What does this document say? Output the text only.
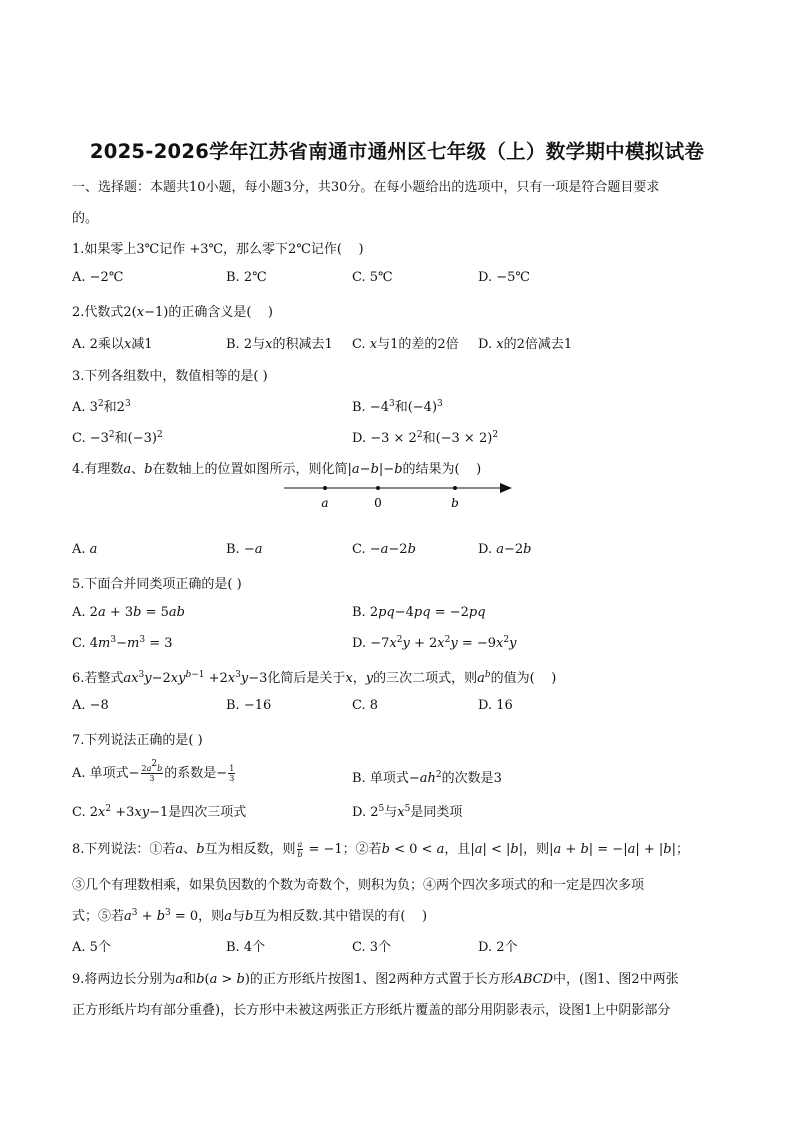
2025-2026学年江苏省南通市通州区七年级（上）数学期中模拟试卷
一、选择题：本题共10小题，每小题3分，共30分。在每小题给出的选项中，只有一项是符合题目要求
的。
1.如果零上3℃记作 +3℃，那么零下2℃记作(    )
A. −2℃	B. 2℃	C. 5℃	D. −5℃
2.代数式2(x−1)的正确含义是(    )
A. 2乘以x减1	B. 2与x的积减去1 C. x与1的差的2倍 D. x的2倍减去1
3.下列各组数中，数值相等的是( )
A. $3^2$和$2^3$	B. $-4^3$和$(-4)^3$
C. $-3^2$和$(-3)^2$	D. $-3 \times 2^2$和$(-3 \times 2)^2$
4.有理数a、b在数轴上的位置如图所示，则化简|a−b|−b的结果为(    )
a	0	b
A. a	B. −a	C. −a−2b	D. a−2b
5.下面合并同类项正确的是( )
A. 2a + 3b = 5ab	B. 2pq−4pq = −2pq
C. $4m^3-m^3 = 3$	D. $-7x^2y + 2x^2y = -9x^2y$
6.若整式$ax^3y-2xy^{b-1} +2x^3y-3$化简后是关于x，y的三次二项式，则$a^b$的值为(    )
A. −8	B. −16	C. 8	D. 16
7.下列说法正确的是( )
A. 单项式− $\frac{2a^2b}{3}$ 的系数是− $\frac{1}{3}$	B. 单项式$-ah^2$的次数是3
C. $2x^2 +3xy-1$是四次三项式	D. $2^5$与$x^5$是同类项
8.下列说法：①若a、b互为相反数，则 $\frac{a}{b} = -1$；②若b < 0 < a，且|a| < |b|，则|a + b| = −|a| + |b|；
③几个有理数相乘，如果负因数的个数为奇数个，则积为负；④两个四次多项式的和一定是四次多项
式；⑤若$a^3 + b^3 = 0$，则a与b互为相反数.其中错误的有(    )
A. 5个	B. 4个	C. 3个	D. 2个
9.将两边长分别为a和b(a > b)的正方形纸片按图1、图2两种方式置于长方形ABCD中，(图1、图2中两张
正方形纸片均有部分重叠)，长方形中未被这两张正方形纸片覆盖的部分用阴影表示，设图1上中阴影部分
